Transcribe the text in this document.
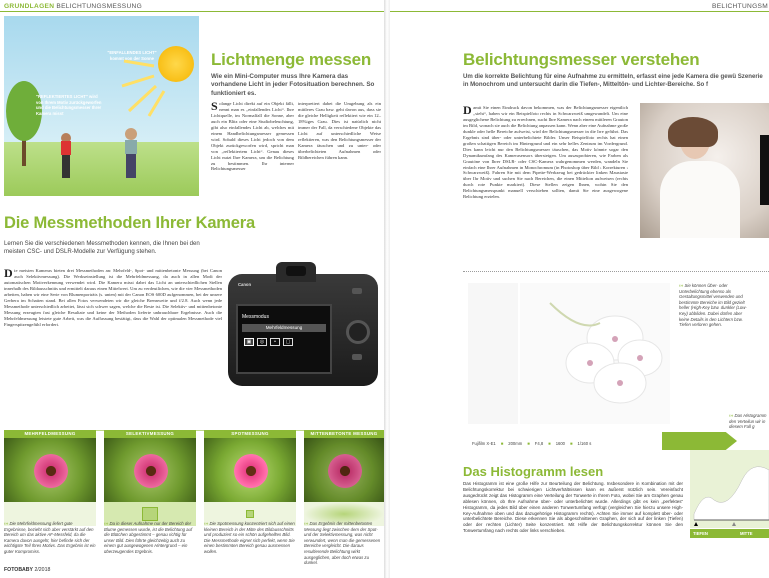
GRUNDLAGEN BELICHTUNGSMESSUNG	BELICHTUNGSM
"EINFALLENDES LICHT" kommt von der Sonne
"REFLEKTIERTES LICHT" wird von Ihrem Motiv zurückgeworfen und die Belichtungsmesser Ihrer Kamera misst
Lichtmenge messen
Wie ein Mini-Computer muss Ihre Kamera das vorhandene Licht in jeder Fotosituation berechnen. So funktioniert es.
Solange Licht direkt auf ein Objekt fällt, nennt man es „einfallendes Licht“. Ihre Lichtquelle, im Normalfall die Sonne, aber auch ein Blitz oder eine Studiobeleuchtung, gibt also einfallendes Licht ab, welches mit einem Handbelichtungsmesser gemessen wird. Sobald dieses Licht jedoch von dem Objekt zurückgeworfen wird, spricht man von „reflektiertem Licht“. Genau dieses Licht nutzt Ihre Kamera, um die Belichtung zu bestimmen. Ihr interner Belichtungsmesser
interpretiert dabei die Umgebung als ein mittleres Grau bzw. geht davon aus, dass sie die gleiche Helligkeit reflektiert wie ein 12–18%iges Grau. Dies ist natürlich nicht immer der Fall, da verschiedene Objekte das Licht auf unterschiedliche Weise reflektieren, was den Belichtungsmesser der Kamera täuschen und zu unter- oder überbelichteten Aufnahmen oder Bildbereichen führen kann.
Die Messmethoden Ihrer Kamera
Lernen Sie die verschiedenen Messmethoden kennen, die Ihnen bei den meisten CSC- und DSLR-Modelle zur Verfügung stehen.
Die meisten Kameras bieten drei Messmethoden an: Mehrfeld-, Spot- und mittenbetonte Messung (bei Canon auch Selektivmessung). Die Werkseinstellung ist die Mehrfeldmessung, da auch in allen Modi der automatischen Motiverkennung verwendet wird. Die Kamera misst dabei das Licht an unterschiedlichen Stellen innerhalb des Bildausschnitts und ermittelt daraus einen Mittelwert. Um zu verdeutlichen, wie die vier Messmethoden arbeiten, haben wir eine Serie von Blumenporträts (s. unten) mit der Canon EOS 600D aufgenommen, bei der unsere Gerbera im Schatten stand. Bei allen Fotos verwendeten wir die gleiche Brennweite und f/2.8. Auch wenn jede Messmethode unterschiedlich arbeitet, lässt sich schwer sagen, welche die Beste ist. Die Selektiv- und mittenbetonte Messung erzeugten fast gleiche Resultate und keine der Methoden lieferte unbrauchbare Ergebnisse. Auch die Mehrfeldmessung leistete gute Arbeit, was die Auffassung bestätigt, dass die Wahl der optimalen Messmethode viel Fingerspitzengefühl erfordert.
Canon
Messmodus
Mehrfeldmessung
▣	◎	•	▢
MEHRFELDMESSUNG	SELEKTIVMESSUNG	SPOTMESSUNG	MITTENBETONTE MESSUNG
››› Die Mehrfeldmessung liefert gute Ergebnisse, bezieht sich aber verstärkt auf den Bereich um das aktive AF-Messfeld, da die Kamera davon ausgeht, hier befinde sich der wichtigste Teil Ihres Motivs. Das Ergebnis ist ein guter Kompromiss.
››› Da in dieser Aufnahme nur der Bereich der Blume gemessen wurde, ist die Belichtung auf die Blütchen abgestimmt – genau richtig für unser Bild. Dies führte gleichzeitig auch zu einem gut ausgewogenen Hintergrund – ein überzeugendes Ergebnis.
››› Die Spotmessung konzentriert sich auf einen kleinen Bereich in der Mitte des Bildausschnitts und produziert so ein schön aufgehelltes Bild. Die Messmethode eignet sich perfekt, wenn Sie einen bestimmten Bereich genau ausmessen wollen.
››› Das Ergebnis der mittenbetonten Messung liegt zwischen dem der Spot- und der Selektivmessung, was nicht verwundert, wenn man die gemessenen Bereiche vergleicht. Die daraus resultierende Belichtung wirkt ausgeglichen, aber doch etwas zu dunkel.
FOTOBABY 2/2018
Belichtungsmesser verstehen
Um die korrekte Belichtung für eine Aufnahme zu ermitteln, erfasst eine jede Kamera die gewü Szenerie in Monochrom und untersucht darin die Tiefen-, Mitteltön- und Lichter-Bereiche. So f
Damit Sie einen Eindruck davon bekommen, was der Belichtungsmesser eigentlich „sieht“, haben wir ein Beispielfoto rechts in Schwarzweiß umgewandelt. Um eine ausgeglichene Belichtung zu errechnen, sucht Ihre Kamera nach einem mittleren Grauton im Bild, wonach sie auch die Belichtung anpassen kann. Wenn aber eine Aufnahme große dunkle oder helle Bereiche aufweist, wird der Belichtungsmesser in die Irre geführt. Das Ergebnis sind über- oder unterbelichtete Bilder. Unser Beispielfoto rechts hat einen großen schattigen Bereich im Hintergrund und ein sehr helles Zentrum im Vordergrund. Dies kann leicht nur den Belichtungsmesser täuschen, das Motiv könnte sogar den Dynamikumfang des Kamerasensors übersteigen. Um auszuprobieren, wie Farben als Grautöne von Ihrer DSLR- oder CSC-Kamera wahrgenommen werden, wandeln Sie einfach eine Ihrer Aufnahmen in Monochromum (in Photoshop über Bild › Korrekturen › Schwarzweiß). Fahren Sie mit dem Pipette-Werkzeug bei gedrückter linken Maustaste über Ihr Motiv und suchen Sie nach Bereichen, die einen Mittelton aufweisen (rechts durch rote Punkte markiert). Diese Stellen zeigen Ihnen, wohin Sie den Belichtungsmesspunkt manuell verschieben sollten, damit Sie eine ausgewogene Belichtung erzielen.
Fujifilm X-E1 ■ 200mm ■ F4,8 ■ 1600 ■ 1/160 s
››› Sie können Über- oder Unterbelichtung ebenso als Gestaltungsmittel verwenden und bestimmte Bereiche im Bild gezielt heller (High-Key bzw. dunkler (Low-Key) abbilden. Dabei dürfen aber keine Details in den Lichtern bzw. Tiefen verloren gehen.
Das Histogramm lesen
Das Histogramm ist eine große Hilfe zur Beurteilung der Belichtung. Insbesondere in Kombination mit der Belichtungskorrektur bei schwierigen Lichtverhältnissen kann es äußerst nützlich sein. Vereinfacht ausgedrückt zeigt das Histogramm eine Verteilung der Tonwerte in Ihrem Foto, wobei Sie am Graphen genau ablesen können, ob Ihre Aufnahme über- oder unterbelichtet wurde. Allerdings gibt es kein „perfektes“ Histogramm, da jedes Bild über einen anderen Tonwertumfang verfügt (vergleichen Sie hierzu unsere High-Key-Aufnahme oben und das dazugehörige Histogramm rechts). Achten Sie immer auf komplett über- oder unterbelichtete Bereiche. Diese erkennen Sie als abgeschnittenen Graphen, der sich auf der linken (Tiefen) oder der rechten (Lichter) Seite konzentriert. Mit Hilfe der Belichtungskorrektur können Sie den Tonwertumfang nach rechts oder links verschieben.
››› Das Histogramm den Verteilun wir in diesem Fall g
TIEFEN	MITTE
